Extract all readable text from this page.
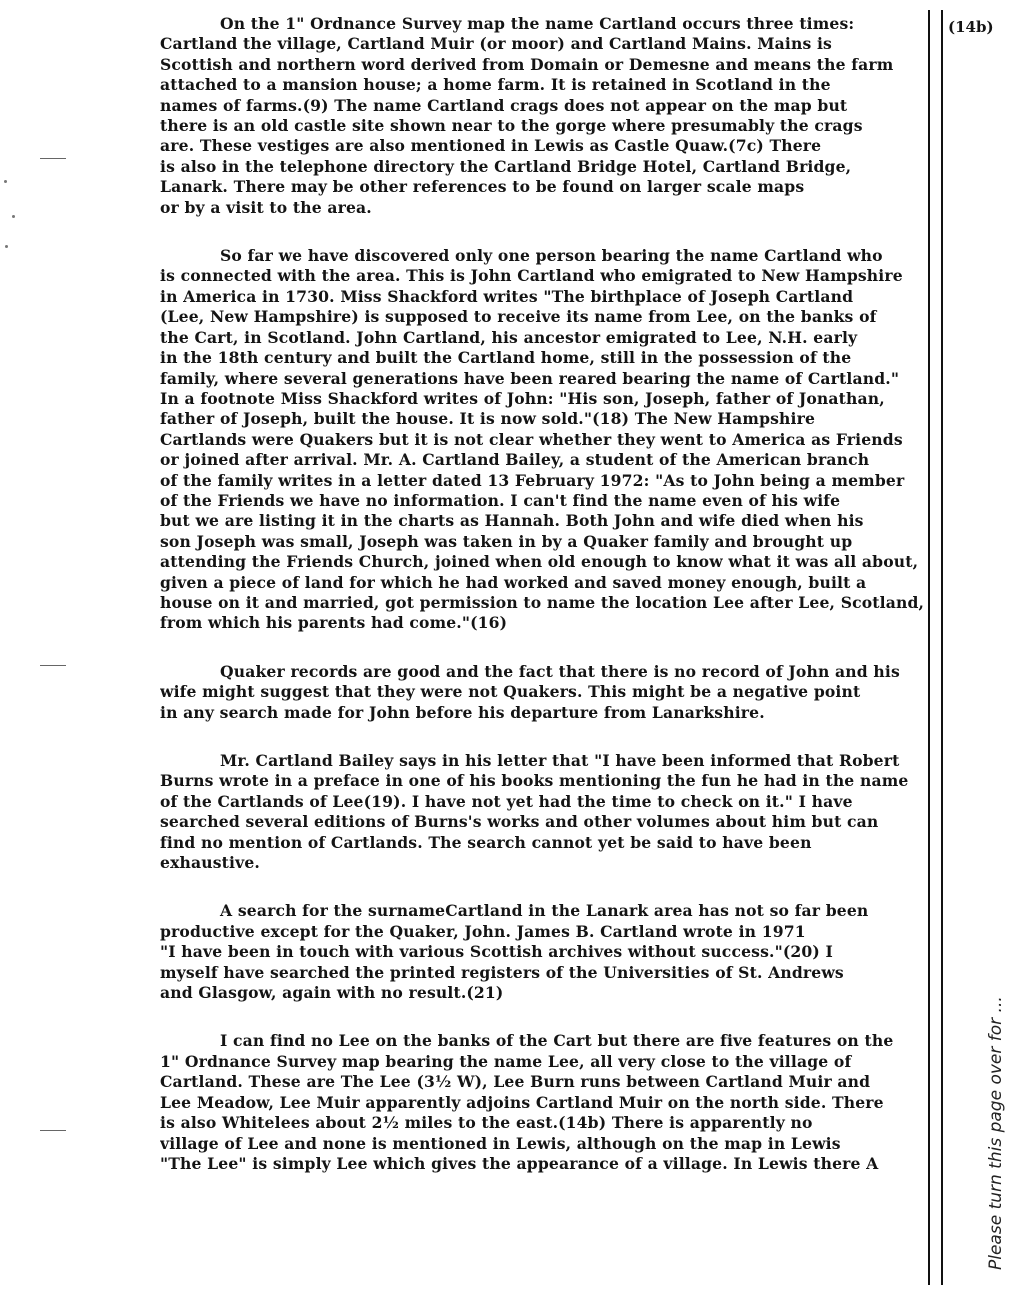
On the 1" Ordnance Survey map the name Cartland occurs three times:
Cartland the village, Cartland Muir (or moor) and Cartland Mains. Mains is
Scottish and northern word derived from Domain or Demesne and means the farm
attached to a mansion house; a home farm. It is retained in Scotland in the
names of farms.(9) The name Cartland crags does not appear on the map but
there is an old castle site shown near to the gorge where presumably the crags
are. These vestiges are also mentioned in Lewis as Castle Quaw.(7c) There
is also in the telephone directory the Cartland Bridge Hotel, Cartland Bridge,
Lanark. There may be other references to be found on larger scale maps
or by a visit to the area.

So far we have discovered only one person bearing the name Cartland who
is connected with the area. This is John Cartland who emigrated to New Hampshire
in America in 1730. Miss Shackford writes "The birthplace of Joseph Cartland
(Lee, New Hampshire) is supposed to receive its name from Lee, on the banks of
the Cart, in Scotland. John Cartland, his ancestor emigrated to Lee, N.H. early
in the 18th century and built the Cartland home, still in the possession of the
family, where several generations have been reared bearing the name of Cartland."
In a footnote Miss Shackford writes of John: "His son, Joseph, father of Jonathan,
father of Joseph, built the house. It is now sold."(18) The New Hampshire
Cartlands were Quakers but it is not clear whether they went to America as Friends
or joined after arrival. Mr. A. Cartland Bailey, a student of the American branch
of the family writes in a letter dated 13 February 1972: "As to John being a member
of the Friends we have no information. I can't find the name even of his wife
but we are listing it in the charts as Hannah. Both John and wife died when his
son Joseph was small, Joseph was taken in by a Quaker family and brought up
attending the Friends Church, joined when old enough to know what it was all about,
given a piece of land for which he had worked and saved money enough, built a
house on it and married, got permission to name the location Lee after Lee, Scotland,
from which his parents had come."(16)

Quaker records are good and the fact that there is no record of John and his
wife might suggest that they were not Quakers. This might be a negative point
in any search made for John before his departure from Lanarkshire.

Mr. Cartland Bailey says in his letter that "I have been informed that Robert
Burns wrote in a preface in one of his books mentioning the fun he had in the name
of the Cartlands of Lee(19). I have not yet had the time to check on it." I have
searched several editions of Burns's works and other volumes about him but can
find no mention of Cartlands. The search cannot yet be said to have been
exhaustive.

A search for the surnameCartland in the Lanark area has not so far been
productive except for the Quaker, John. James B. Cartland wrote in 1971
"I have been in touch with various Scottish archives without success."(20) I
myself have searched the printed registers of the Universities of St. Andrews
and Glasgow, again with no result.(21)

I can find no Lee on the banks of the Cart but there are five features on the
1" Ordnance Survey map bearing the name Lee, all very close to the village of
Cartland. These are The Lee (3½ W), Lee Burn runs between Cartland Muir and
Lee Meadow, Lee Muir apparently adjoins Cartland Muir on the north side. There
is also Whitelees about 2½ miles to the east.(14b) There is apparently no
village of Lee and none is mentioned in Lewis, although on the map in Lewis
"The Lee" is simply Lee which gives the appearance of a village. In Lewis there A

(14b)
Please turn this page over for ...
